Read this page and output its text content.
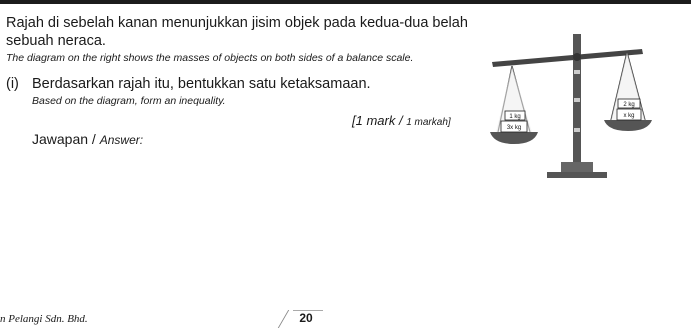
Rajah di sebelah kanan menunjukkan jisim objek pada kedua-dua belah sebuah neraca.
The diagram on the right shows the masses of objects on both sides of a balance scale.
(i) Berdasarkan rajah itu, bentukkan satu ketaksamaan.
Based on the diagram, form an inequality.
[1 mark / 1 markah]
Jawapan / Answer:
1 kg
3x kg
2 kg
x kg
n Pelangi Sdn. Bhd.	20
